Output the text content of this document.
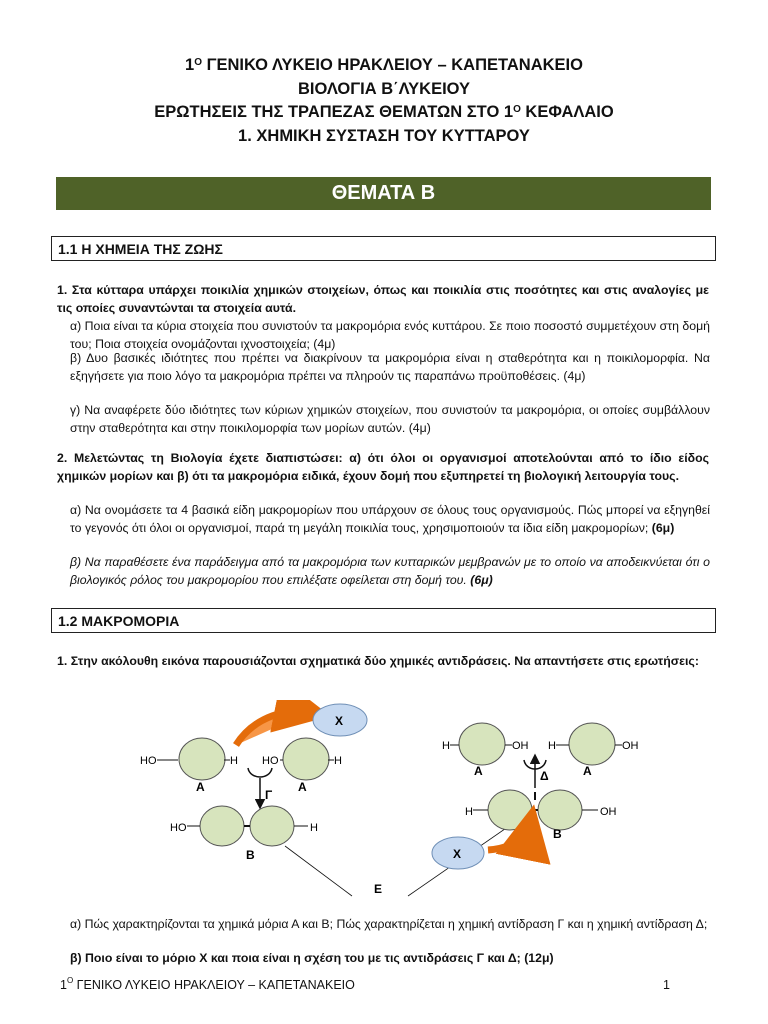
$1^O$ ΓΕΝΙΚΟ ΛΥΚΕΙΟ ΗΡΑΚΛΕΙΟΥ – ΚΑΠΕΤΑΝΑΚΕΙΟ
ΒΙΟΛΟΓΙΑ Β΄ΛΥΚΕΙΟΥ
ΕΡΩΤΗΣΕΙΣ ΤΗΣ ΤΡΑΠΕΖΑΣ ΘΕΜΑΤΩΝ ΣΤΟ $1^O$ ΚΕΦΑΛΑΙΟ
1. ΧΗΜΙΚΗ ΣΥΣΤΑΣΗ ΤΟΥ ΚΥΤΤΑΡΟΥ
ΘΕΜΑΤΑ Β
1.1 Η ΧΗΜΕΙΑ ΤΗΣ ΖΩΗΣ
1. Στα κύτταρα υπάρχει ποικιλία χημικών στοιχείων, όπως και ποικιλία στις ποσότητες και στις αναλογίες με τις οποίες συναντώνται τα στοιχεία αυτά.
α) Ποια είναι τα κύρια στοιχεία που συνιστούν τα μακρομόρια ενός κυττάρου. Σε ποιο ποσοστό συμμετέχουν στη δομή του; Ποια στοιχεία ονομάζονται ιχνοστοιχεία; (4μ)
β) Δυο βασικές ιδιότητες που πρέπει να διακρίνουν τα μακρομόρια είναι η σταθερότητα και η ποικιλομορφία. Να εξηγήσετε για ποιο λόγο τα μακρομόρια πρέπει να πληρούν τις παραπάνω προϋποθέσεις. (4μ)
γ) Να αναφέρετε δύο ιδιότητες των κύριων χημικών στοιχείων, που συνιστούν τα μακρομόρια, οι οποίες συμβάλλουν στην σταθερότητα και στην ποικιλομορφία των μορίων αυτών. (4μ)
2. Μελετώντας τη Βιολογία έχετε διαπιστώσει: α) ότι όλοι οι οργανισμοί αποτελούνται από το ίδιο είδος χημικών μορίων και β) ότι τα μακρομόρια ειδικά, έχουν δομή που εξυπηρετεί τη βιολογική λειτουργία τους.
α) Να ονομάσετε τα 4 βασικά είδη μακρομορίων που υπάρχουν σε όλους τους οργανισμούς. Πώς μπορεί να εξηγηθεί το γεγονός ότι όλοι οι οργανισμοί, παρά τη μεγάλη ποικιλία τους, χρησιμοποιούν τα ίδια είδη μακρομορίων; (6μ)
β) Να παραθέσετε ένα παράδειγμα από τα μακρομόρια των κυτταρικών μεμβρανών με το οποίο να αποδεικνύεται ότι ο βιολογικός ρόλος του μακρομορίου που επιλέξατε οφείλεται στη δομή του. (6μ)
1.2 ΜΑΚΡΟΜΟΡΙΑ
1. Στην ακόλουθη εικόνα παρουσιάζονται σχηματικά δύο χημικές αντιδράσεις. Να απαντήσετε στις ερωτήσεις:
HO	H HO	H
Α	Α
Χ
Γ
HO	H
Β
Ε
H	OH H	OH
Α	Α
Δ
H	OH
Β
Χ
α) Πώς χαρακτηρίζονται τα χημικά μόρια Α και Β; Πώς χαρακτηρίζεται η χημική αντίδραση Γ και η χημική αντίδραση Δ;
β) Ποιο είναι το μόριο Χ και ποια είναι η σχέση του με τις αντιδράσεις Γ και Δ; (12μ)
$1^O$ ΓΕΝΙΚΟ ΛΥΚΕΙΟ ΗΡΑΚΛΕΙΟΥ – ΚΑΠΕΤΑΝΑΚΕΙΟ	1
